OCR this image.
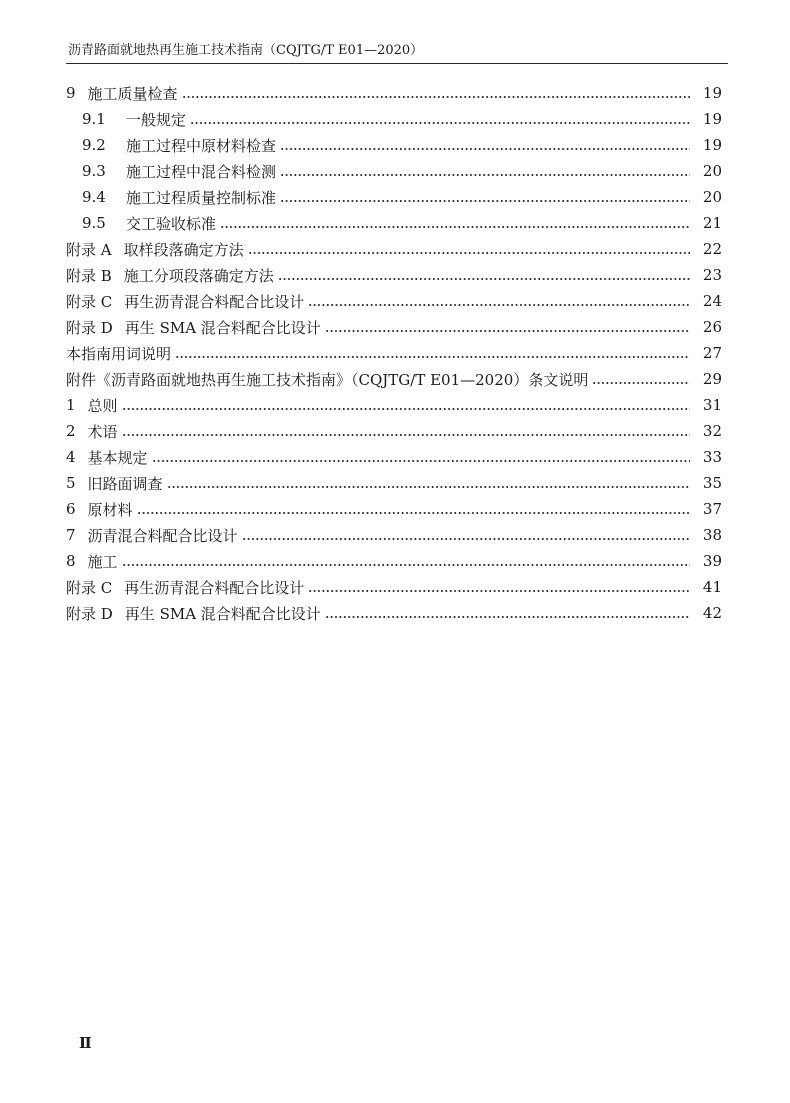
沥青路面就地热再生施工技术指南（CQJTG/T E01—2020）
9 施工质量检查	19
9.1	一般规定	19
9.2	施工过程中原材料检查	19
9.3	施工过程中混合料检测	20
9.4	施工过程质量控制标准	20
9.5	交工验收标准	21
附录 A 取样段落确定方法	22
附录 B 施工分项段落确定方法	23
附录 C 再生沥青混合料配合比设计	24
附录 D 再生 SMA 混合料配合比设计	26
本指南用词说明	27
附件《沥青路面就地热再生施工技术指南》（CQJTG/T E01—2020）条文说明	29
1 总则	31
2 术语	32
4 基本规定	33
5 旧路面调查	35
6 原材料	37
7 沥青混合料配合比设计	38
8 施工	39
附录 C 再生沥青混合料配合比设计	41
附录 D 再生 SMA 混合料配合比设计	42
Ⅱ
